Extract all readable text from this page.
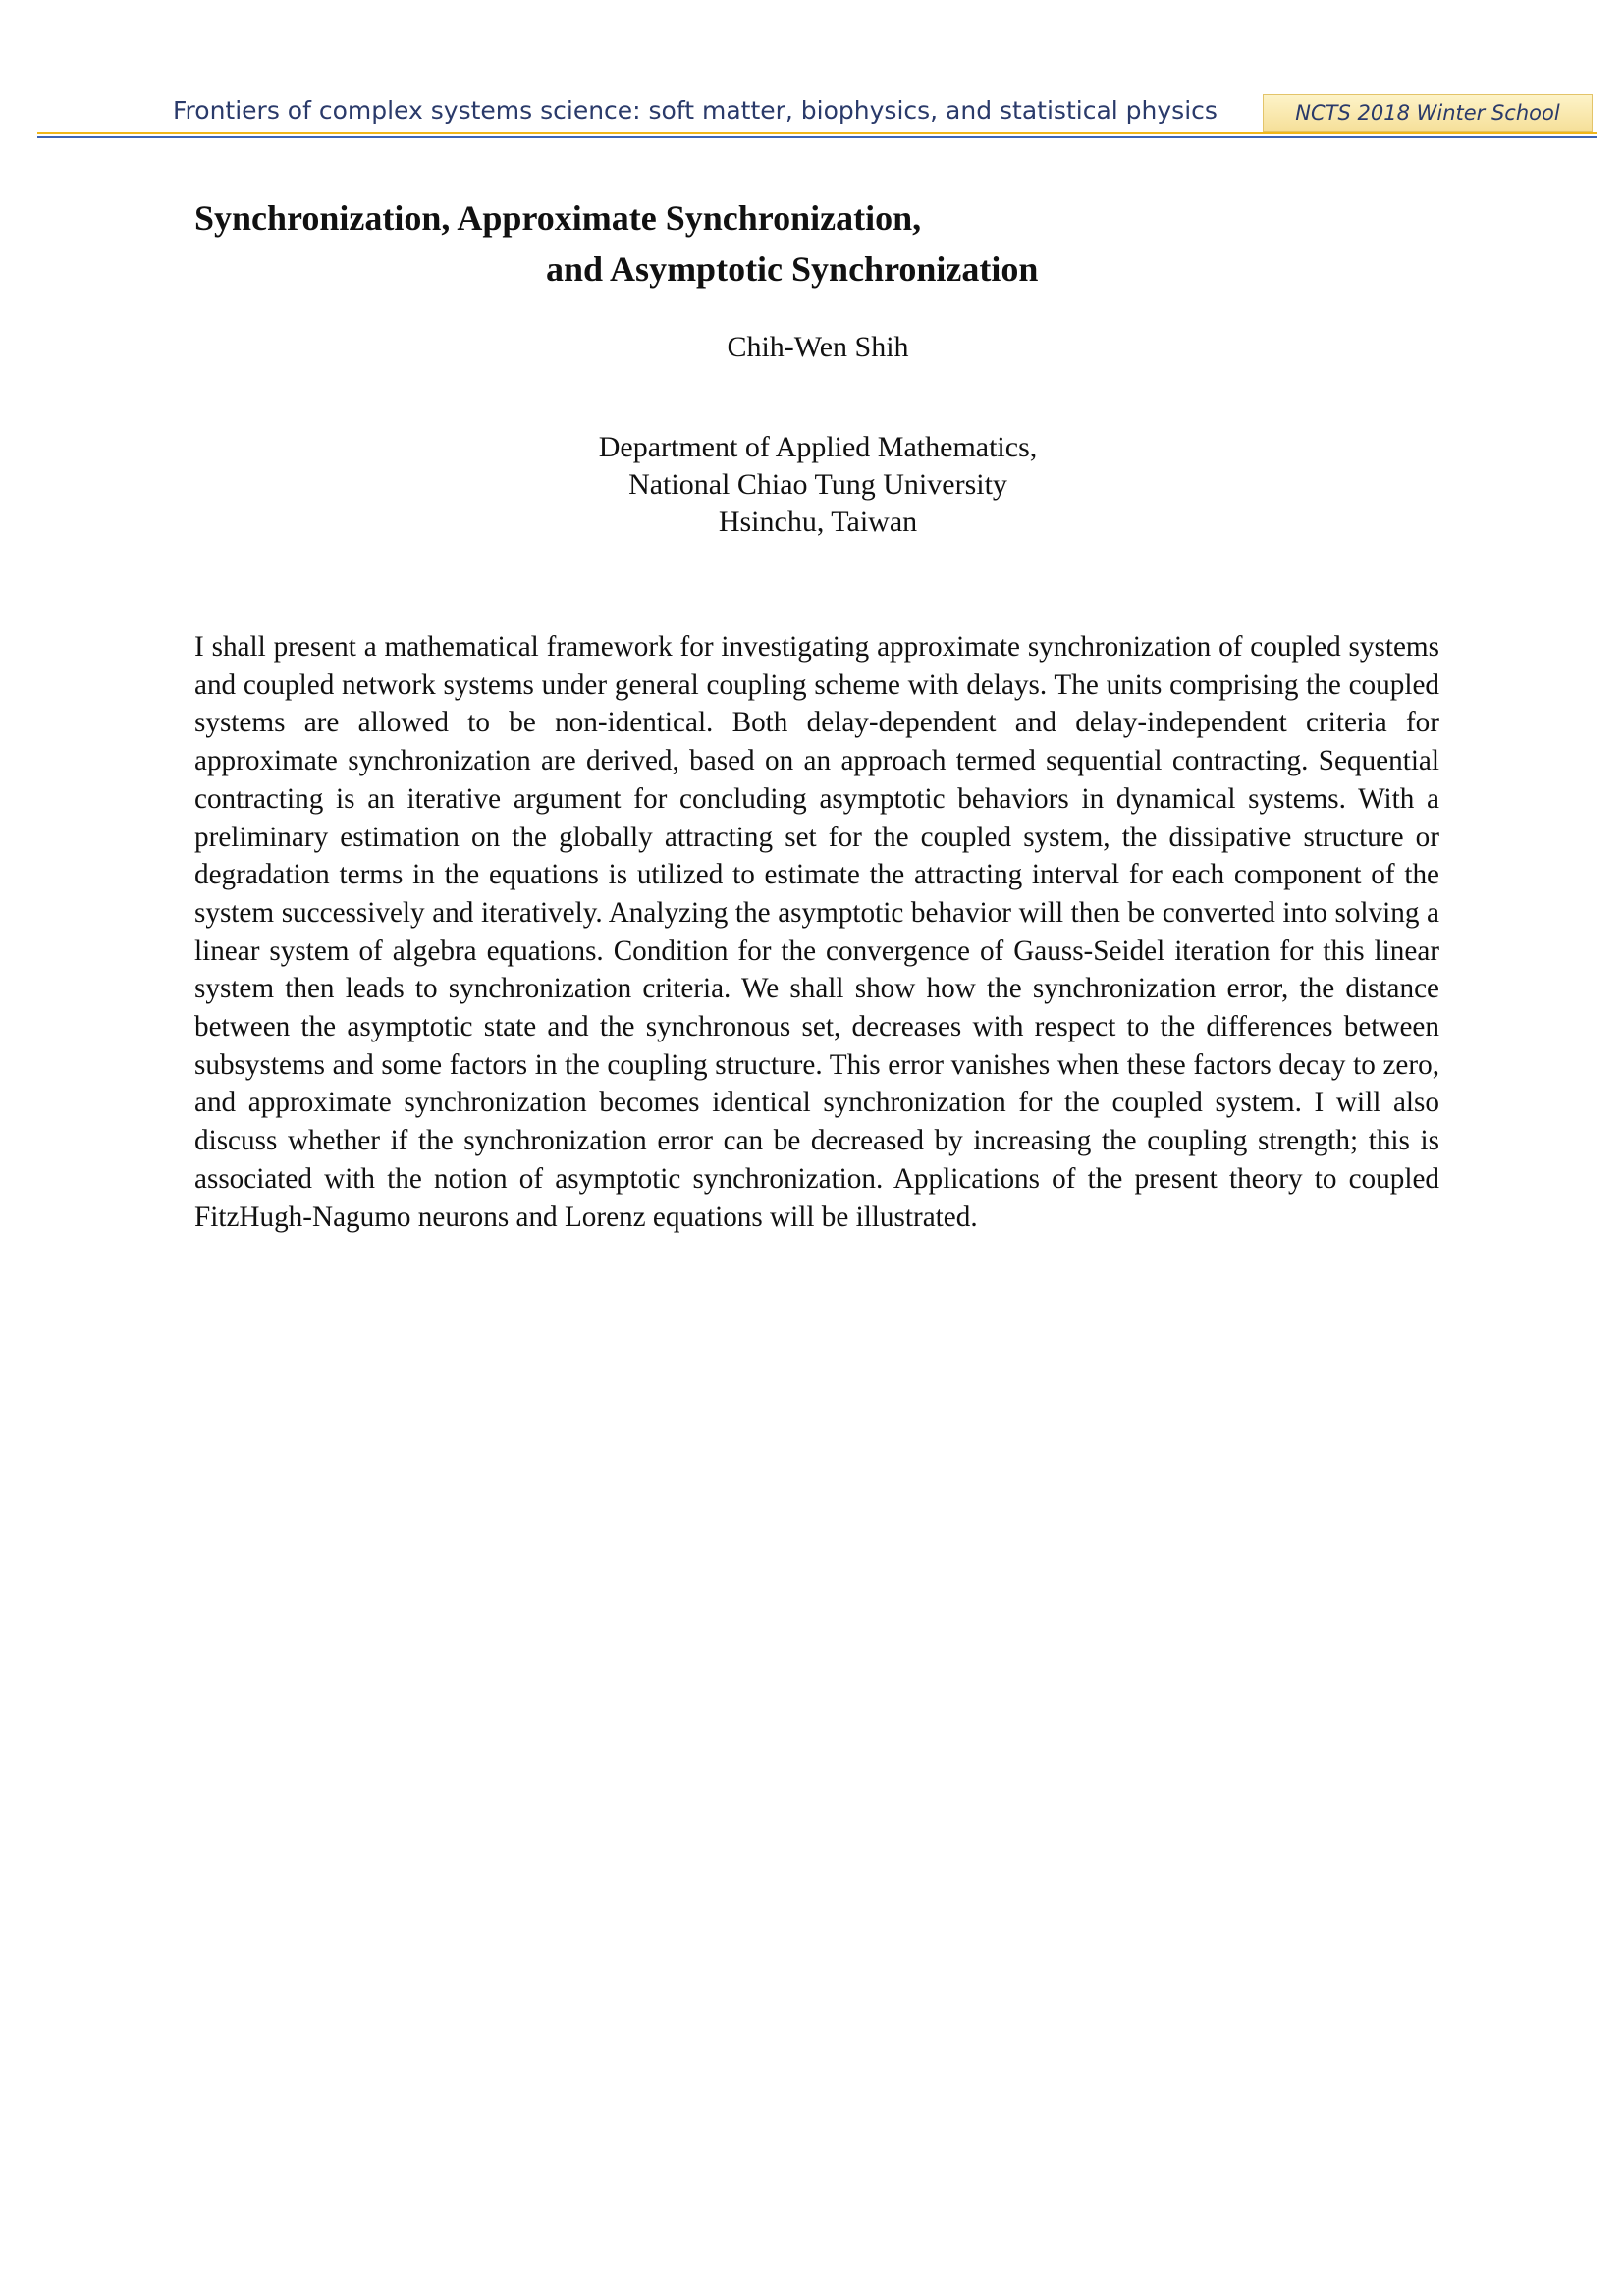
Frontiers of complex systems science: soft matter, biophysics, and statistical physics	NCTS 2018 Winter School
Synchronization, Approximate Synchronization,
and Asymptotic Synchronization
Chih-Wen Shih
Department of Applied Mathematics,
National Chiao Tung University
Hsinchu, Taiwan

I shall present a mathematical framework for investigating approximate synchronization of coupled systems and coupled network systems under general coupling scheme with delays. The units comprising the coupled systems are allowed to be non-identical. Both delay-dependent and delay-independent criteria for approximate synchronization are derived, based on an approach termed sequential contracting. Sequential contracting is an iterative argument for concluding asymptotic behaviors in dynamical systems. With a preliminary estimation on the globally attracting set for the coupled system, the dissipative structure or degradation terms in the equations is utilized to estimate the attracting interval for each component of the system successively and iteratively. Analyzing the asymptotic behavior will then be converted into solving a linear system of algebra equations. Condition for the convergence of Gauss-Seidel iteration for this linear system then leads to synchronization criteria. We shall show how the synchronization error, the distance between the asymptotic state and the synchronous set, decreases with respect to the differences between subsystems and some factors in the coupling structure. This error vanishes when these factors decay to zero, and approximate synchronization becomes identical synchronization for the coupled system. I will also discuss whether if the synchronization error can be decreased by increasing the coupling strength; this is associated with the notion of asymptotic synchronization. Applications of the present theory to coupled FitzHugh-Nagumo neurons and Lorenz equations will be illustrated.
